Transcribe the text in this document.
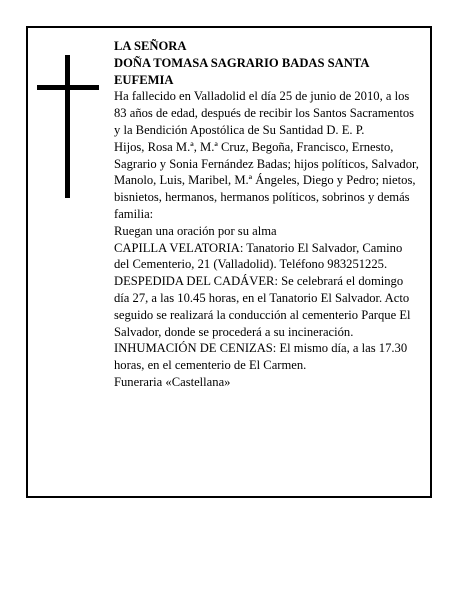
LA SEÑORA

DOÑA TOMASA SAGRARIO BADAS SANTA EUFEMIA

Ha fallecido en Valladolid el día 25 de junio de 2010, a los 83 años de edad, después de recibir los Santos Sacramentos y la Bendición Apostólica de Su Santidad D. E. P.

Hijos, Rosa M.ª, M.ª Cruz, Begoña, Francisco, Ernesto, Sagrario y Sonia Fernández Badas; hijos políticos, Salvador, Manolo, Luis, Maribel, M.ª Ángeles, Diego y Pedro; nietos, bisnietos, hermanos, hermanos políticos, sobrinos y demás familia:

Ruegan una oración por su alma

CAPILLA VELATORIA: Tanatorio El Salvador, Camino del Cementerio, 21 (Valladolid). Teléfono 983251225.

DESPEDIDA DEL CADÁVER: Se celebrará el domingo día 27, a las 10.45 horas, en el Tanatorio El Salvador. Acto seguido se realizará la conducción al cementerio Parque El Salvador, donde se procederá a su incineración.

INHUMACIÓN DE CENIZAS: El mismo día, a las 17.30 horas, en el cementerio de El Carmen.

Funeraria «Castellana»
